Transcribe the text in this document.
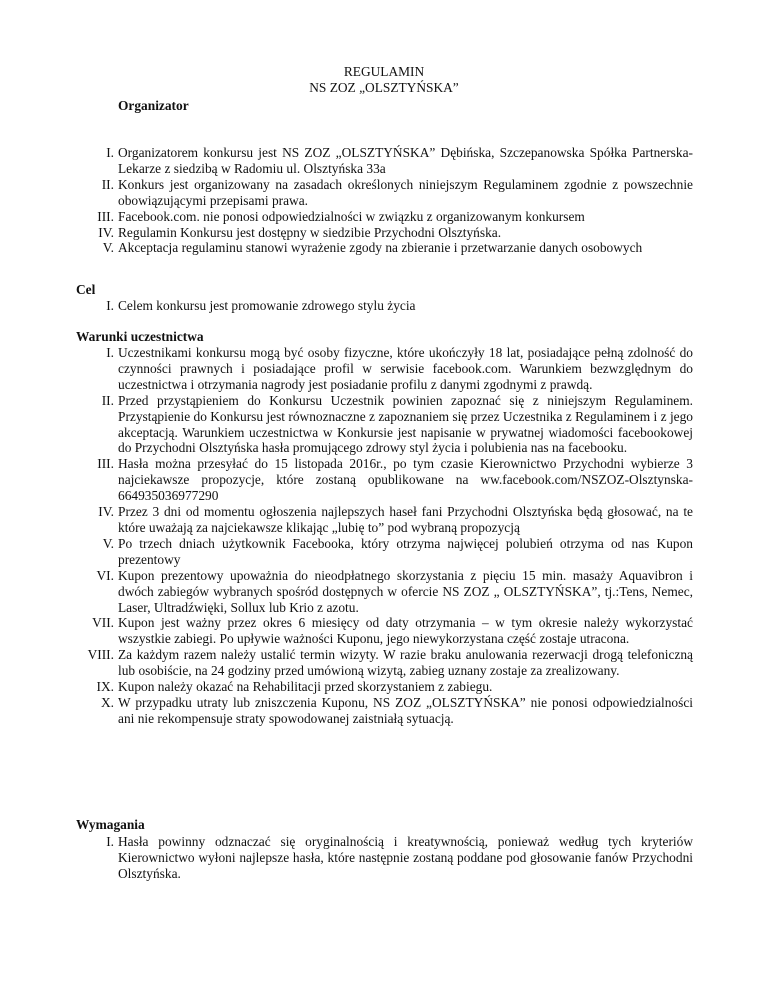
REGULAMIN
NS ZOZ „OLSZTYŃSKA”
Organizator
I. Organizatorem konkursu jest NS ZOZ „OLSZTYŃSKA” Dębińska, Szczepanowska Spółka Partnerska-Lekarze z siedzibą w Radomiu ul. Olsztyńska 33a
II. Konkurs jest organizowany na zasadach określonych niniejszym Regulaminem zgodnie z powszechnie obowiązującymi przepisami prawa.
III. Facebook.com. nie ponosi odpowiedzialności w związku z organizowanym konkursem
IV. Regulamin Konkursu jest dostępny w siedzibie Przychodni Olsztyńska.
V. Akceptacja regulaminu stanowi wyrażenie zgody na zbieranie i przetwarzanie danych osobowych
Cel
I. Celem konkursu jest promowanie zdrowego stylu życia
Warunki uczestnictwa
I. Uczestnikami konkursu mogą być osoby fizyczne, które ukończyły 18 lat, posiadające pełną zdolność do czynności prawnych i posiadające profil w serwisie facebook.com. Warunkiem bezwzględnym do uczestnictwa i otrzymania nagrody jest posiadanie profilu z danymi zgodnymi z prawdą.
II. Przed przystąpieniem do Konkursu Uczestnik powinien zapoznać się z niniejszym Regulaminem. Przystąpienie do Konkursu jest równoznaczne z zapoznaniem się przez Uczestnika z Regulaminem i z jego akceptacją. Warunkiem uczestnictwa w Konkursie jest napisanie w prywatnej wiadomości facebookowej do Przychodni Olsztyńska hasła promującego zdrowy styl życia i polubienia nas na facebooku.
III. Hasła można przesyłać do 15 listopada 2016r., po tym czasie Kierownictwo Przychodni wybierze 3 najciekawsze propozycje, które zostaną opublikowane na ww.facebook.com/NSZOZ-Olsztynska-664935036977290
IV. Przez 3 dni od momentu ogłoszenia najlepszych haseł fani Przychodni Olsztyńska będą głosować, na te które uważają za najciekawsze klikając „lubię to” pod wybraną propozycją
V. Po trzech dniach użytkownik Facebooka, który otrzyma najwięcej polubień otrzyma od nas Kupon prezentowy
VI. Kupon prezentowy upoważnia do nieodpłatnego skorzystania z pięciu 15 min. masaży Aquavibron i dwóch zabiegów wybranych spośród dostępnych w ofercie NS ZOZ „ OLSZTYŃSKA”, tj.:Tens, Nemec, Laser, Ultradźwięki, Sollux lub Krio z azotu.
VII. Kupon jest ważny przez okres 6 miesięcy od daty otrzymania – w tym okresie należy wykorzystać wszystkie zabiegi. Po upływie ważności Kuponu, jego niewykorzystana część zostaje utracona.
VIII. Za każdym razem należy ustalić termin wizyty. W razie braku anulowania rezerwacji drogą telefoniczną lub osobiście, na 24 godziny przed umówioną wizytą, zabieg uznany zostaje za zrealizowany.
IX. Kupon należy okazać na Rehabilitacji przed skorzystaniem z zabiegu.
X. W przypadku utraty lub zniszczenia Kuponu, NS ZOZ „OLSZTYŃSKA” nie ponosi odpowiedzialności ani nie rekompensuje straty spowodowanej zaistniałą sytuacją.
Wymagania
I. Hasła powinny odznaczać się oryginalnością i kreatywnością, ponieważ według tych kryteriów Kierownictwo wyłoni najlepsze hasła, które następnie zostaną poddane pod głosowanie fanów Przychodni Olsztyńska.
